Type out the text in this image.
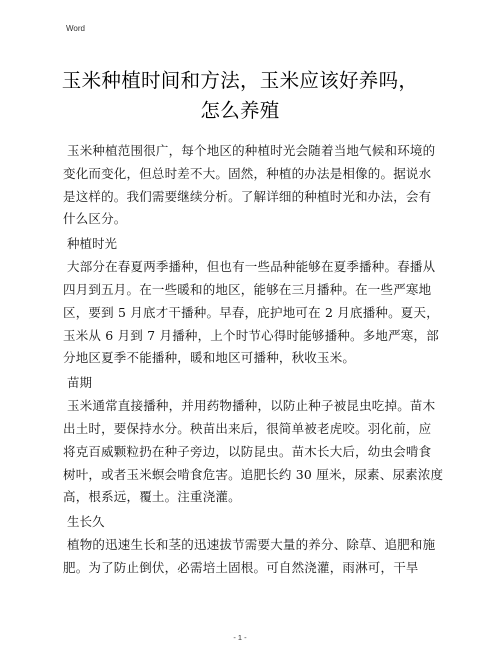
Word
玉米种植时间和方法，玉米应该好养吗，
怎么养殖
玉米种植范围很广，每个地区的种植时光会随着当地气候和环境的
变化而变化，但总时差不大。固然，种植的办法是相像的。据说水
是这样的。我们需要继续分析。了解详细的种植时光和办法，会有
什么区分。
种植时光
大部分在春夏两季播种，但也有一些品种能够在夏季播种。春播从
四月到五月。在一些暖和的地区，能够在三月播种。在一些严寒地
区，要到 5 月底才干播种。早春，庇护地可在 2 月底播种。夏天，
玉米从 6 月到 7 月播种，上个时节心得时能够播种。多地严寒，部
分地区夏季不能播种，暖和地区可播种，秋收玉米。
苗期
玉米通常直接播种，并用药物播种，以防止种子被昆虫吃掉。苗木
出土时，要保持水分。秧苗出来后，很简单被老虎咬。羽化前，应
将克百威颗粒扔在种子旁边，以防昆虫。苗木长大后，幼虫会啃食
树叶，或者玉米螟会啃食危害。追肥长约 30 厘米，尿素、尿素浓度
高，根系远，覆土。注重浇灌。
生长久
植物的迅速生长和茎的迅速拔节需要大量的养分、除草、追肥和施
肥。为了防止倒伏，必需培土固根。可自然浇灌，雨淋可，干旱
- 1 -
